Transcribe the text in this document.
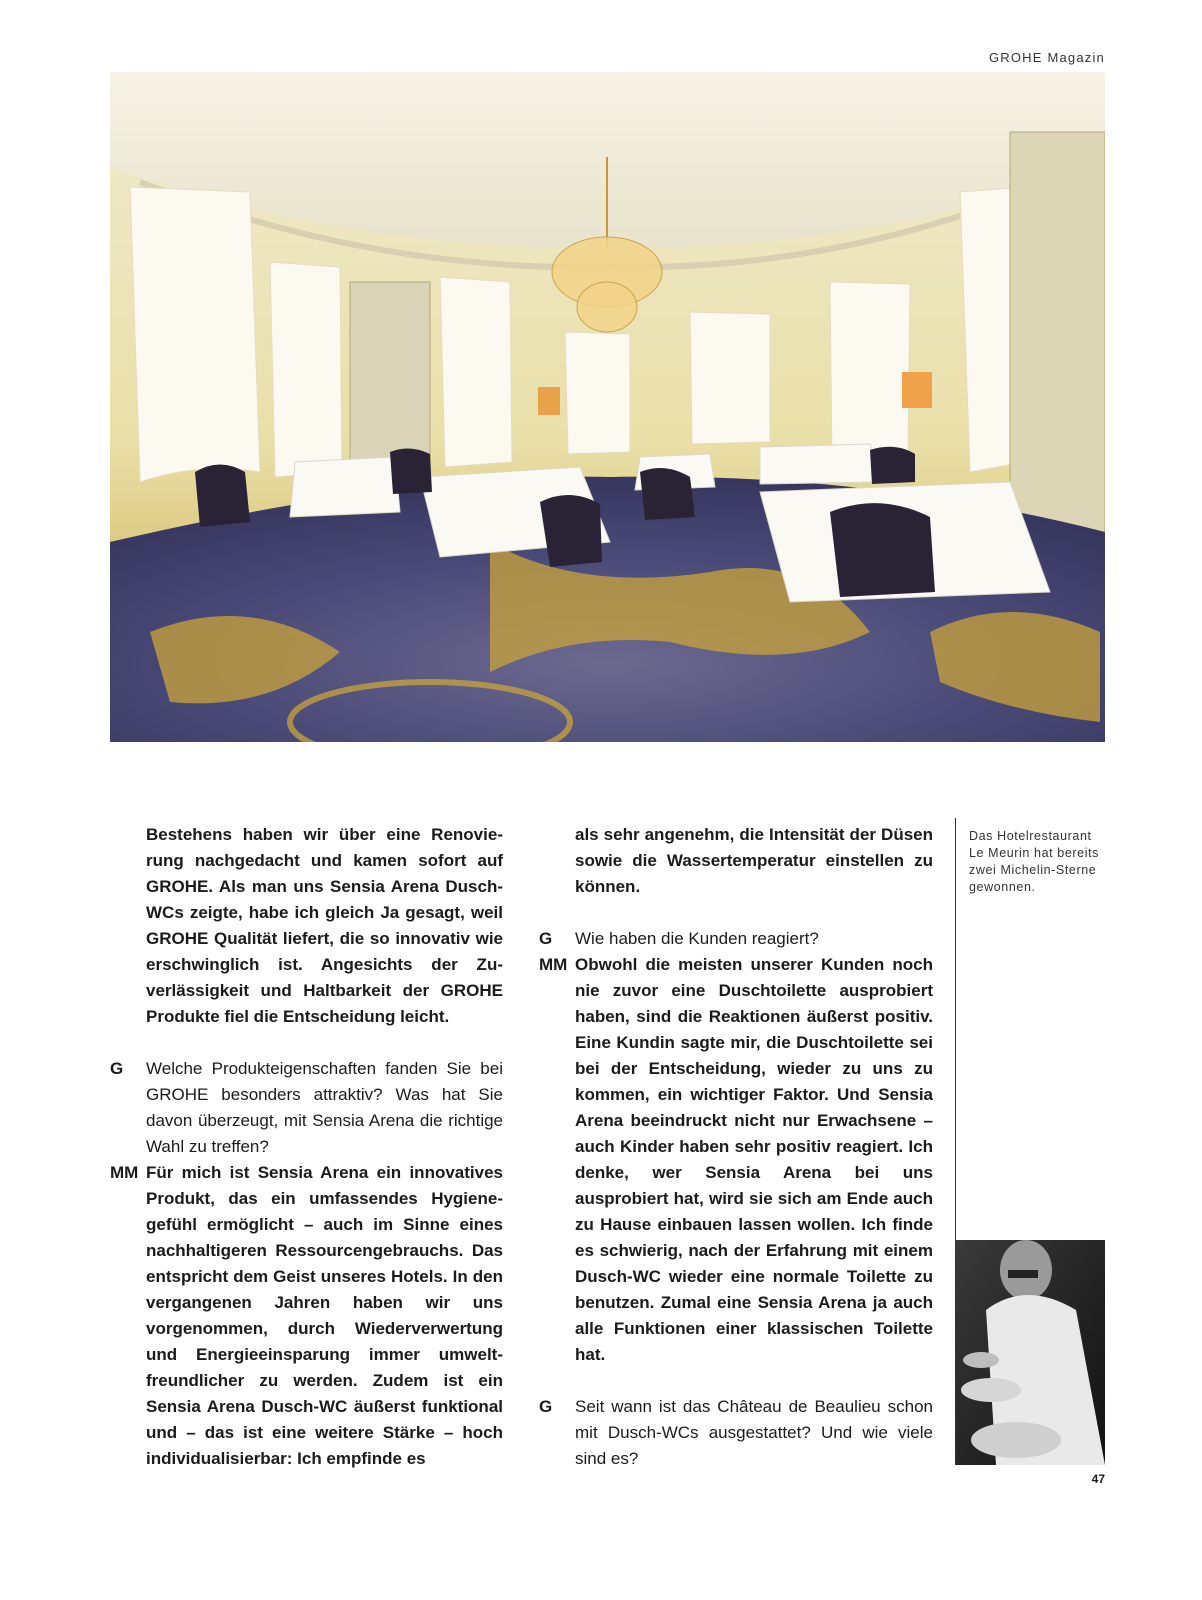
GROHE Magazin
Bestehens haben wir über eine Renovierung nachgedacht und kamen sofort auf GROHE. Als man uns Sensia Arena Dusch-WCs zeigte, habe ich gleich Ja gesagt, weil GROHE Qualität liefert, die so innovativ wie erschwinglich ist. Angesichts der Zuverlässigkeit und Haltbarkeit der GROHE Produkte fiel die Entscheidung leicht.
G	Welche Produkteigenschaften fanden Sie bei GROHE besonders attraktiv? Was hat Sie davon überzeugt, mit Sensia Arena die richtige Wahl zu treffen?
MM Für mich ist Sensia Arena ein innovatives Produkt, das ein umfassendes Hygienegefühl ermöglicht – auch im Sinne eines nachhaltigeren Ressourcengebrauchs. Das entspricht dem Geist unseres Hotels. In den vergangenen Jahren haben wir uns vorgenommen, durch Wiederverwertung und Energieeinsparung immer umweltfreundlicher zu werden. Zudem ist ein Sensia Arena Dusch-WC äußerst funktional und – das ist eine weitere Stärke – hoch individualisierbar: Ich empfinde es
als sehr angenehm, die Intensität der Düsen sowie die Wassertemperatur einstellen zu können.
G	Wie haben die Kunden reagiert?
MM Obwohl die meisten unserer Kunden noch nie zuvor eine Duschtoilette ausprobiert haben, sind die Reaktionen äußerst positiv. Eine Kundin sagte mir, die Duschtoilette sei bei der Entscheidung, wieder zu uns zu kommen, ein wichtiger Faktor. Und Sensia Arena beeindruckt nicht nur Erwachsene – auch Kinder haben sehr positiv reagiert. Ich denke, wer Sensia Arena bei uns ausprobiert hat, wird sie sich am Ende auch zu Hause einbauen lassen wollen. Ich finde es schwierig, nach der Erfahrung mit einem Dusch-WC wieder eine normale Toilette zu benutzen. Zumal eine Sensia Arena ja auch alle Funktionen einer klassischen Toilette hat.
G	Seit wann ist das Château de Beaulieu schon mit Dusch-WCs ausgestattet? Und wie viele sind es?
Das Hotelrestaurant Le Meurin hat bereits zwei Michelin-Sterne gewonnen.
47
